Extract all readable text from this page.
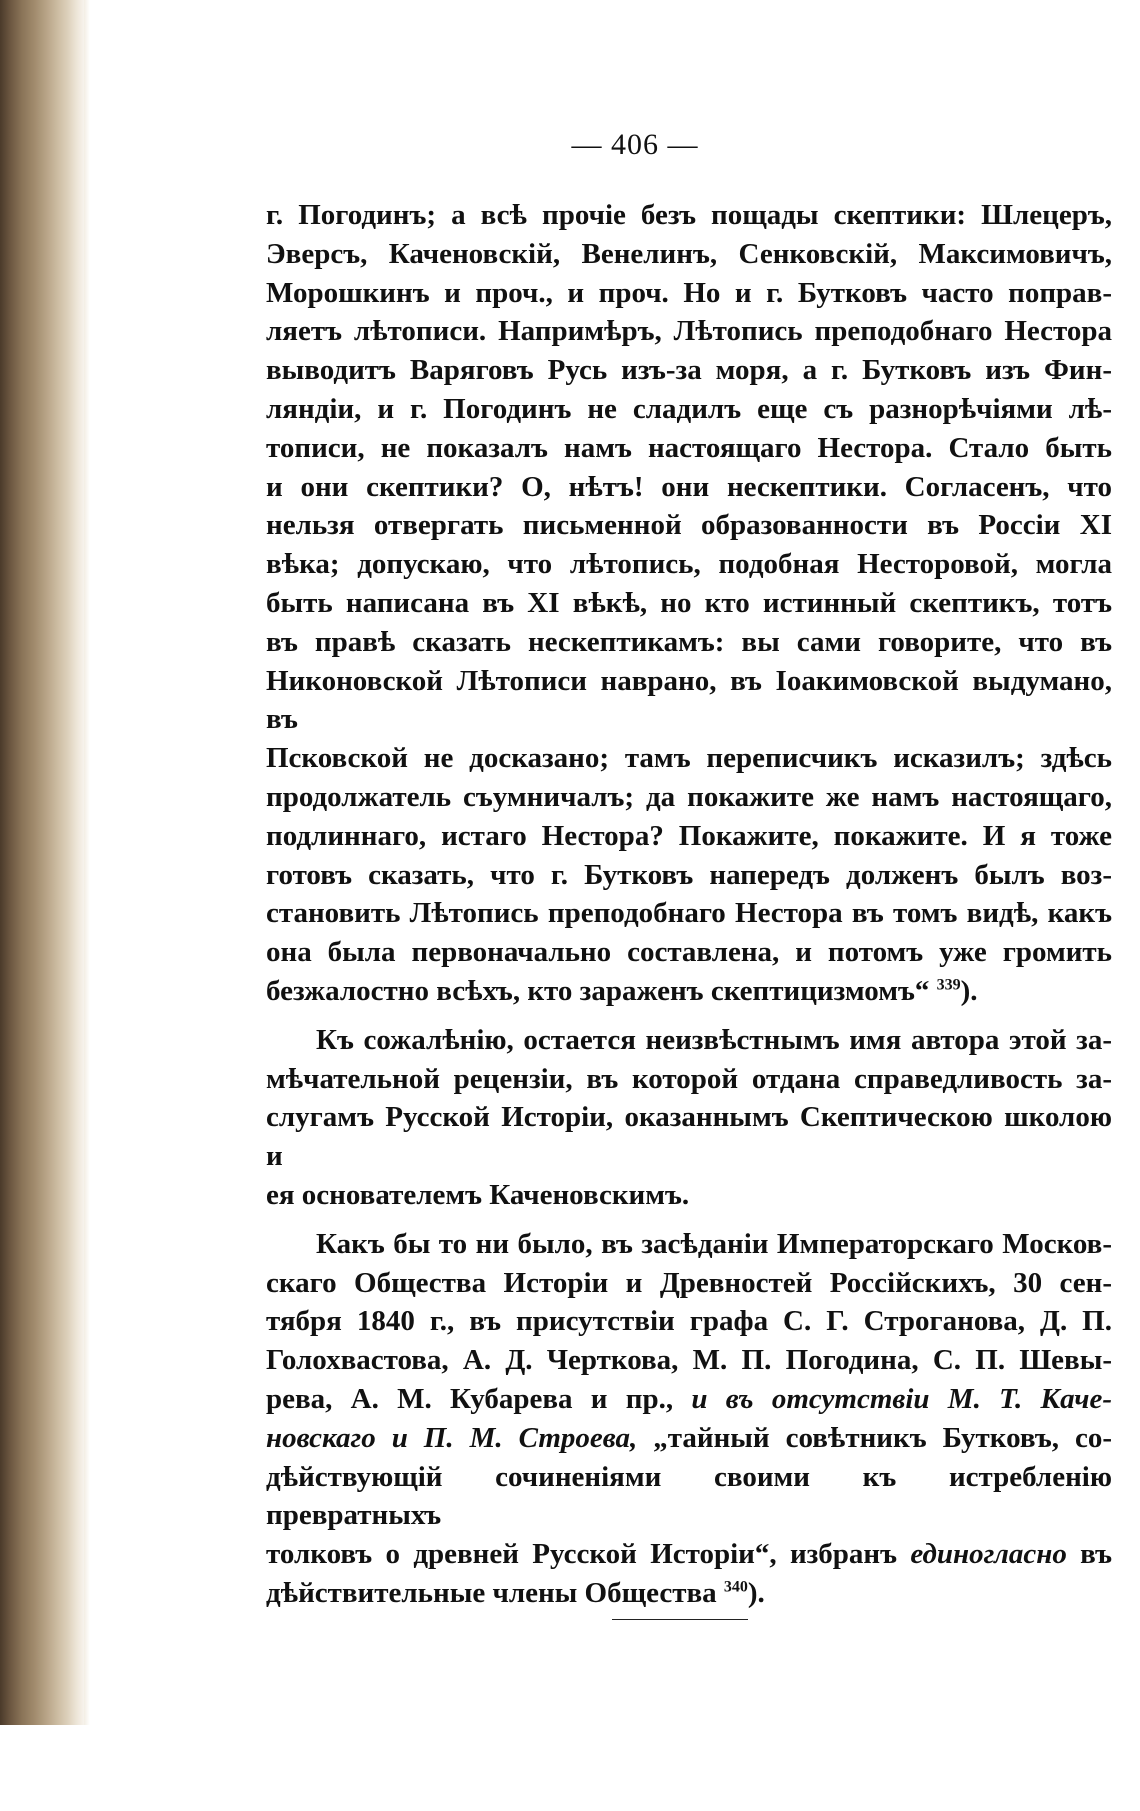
— 406 —

г. Погодинъ; а всѣ прочіе безъ пощады скептики: Шлецеръ,

Эверсъ, Каченовскій, Венелинъ, Сенковскій, Максимовичъ,

Морошкинъ и проч., и проч. Но и г. Бутковъ часто поправ-

ляетъ лѣтописи. Напримѣръ, Лѣтопись преподобнаго Нестора

выводитъ Варяговъ Русь изъ-за моря, а г. Бутковъ изъ Фин-

ляндіи, и г. Погодинъ не сладилъ еще съ разнорѣчіями лѣ-

тописи, не показалъ намъ настоящаго Нестора. Стало быть

и они скептики? О, нѣтъ! они нескептики. Согласенъ, что

нельзя отвергать письменной образованности въ Россіи XI

вѣка; допускаю, что лѣтопись, подобная Несторовой, могла

быть написана въ XI вѣкѣ, но кто истинный скептикъ, тотъ

въ правѣ сказать нескептикамъ: вы сами говорите, что въ

Никоновской Лѣтописи наврано, въ Іоакимовской выдумано, въ

Псковской не досказано; тамъ переписчикъ исказилъ; здѣсь

продолжатель съумничалъ; да покажите же намъ настоящаго,

подлиннаго, истаго Нестора? Покажите, покажите. И я тоже

готовъ сказать, что г. Бутковъ напередъ долженъ былъ воз-

становить Лѣтопись преподобнаго Нестора въ томъ видѣ, какъ

она была первоначально составлена, и потомъ уже громить

безжалостно всѣхъ, кто зараженъ скептицизмомъ“ $^{339}$).

Къ сожалѣнію, остается неизвѣстнымъ имя автора этой за-

мѣчательной рецензіи, въ которой отдана справедливость за-

слугамъ Русской Исторіи, оказаннымъ Скептическою школою и

ея основателемъ Каченовскимъ.

Какъ бы то ни было, въ засѣданіи Императорскаго Москов-

скаго Общества Исторіи и Древностей Россійскихъ, 30 сен-

тября 1840 г., въ присутствіи графа С. Г. Строганова, Д. П.

Голохвастова, А. Д. Черткова, М. П. Погодина, С. П. Шевы-

рева, А. М. Кубарева и пр., и въ отсутствіи М. Т. Каче-

новскаго и П. М. Строева, „тайный совѣтникъ Бутковъ, со-

дѣйствующій сочиненіями своими къ истребленію превратныхъ

толковъ о древней Русской Исторіи“, избранъ единогласно въ

дѣйствительные члены Общества $^{340}$).
